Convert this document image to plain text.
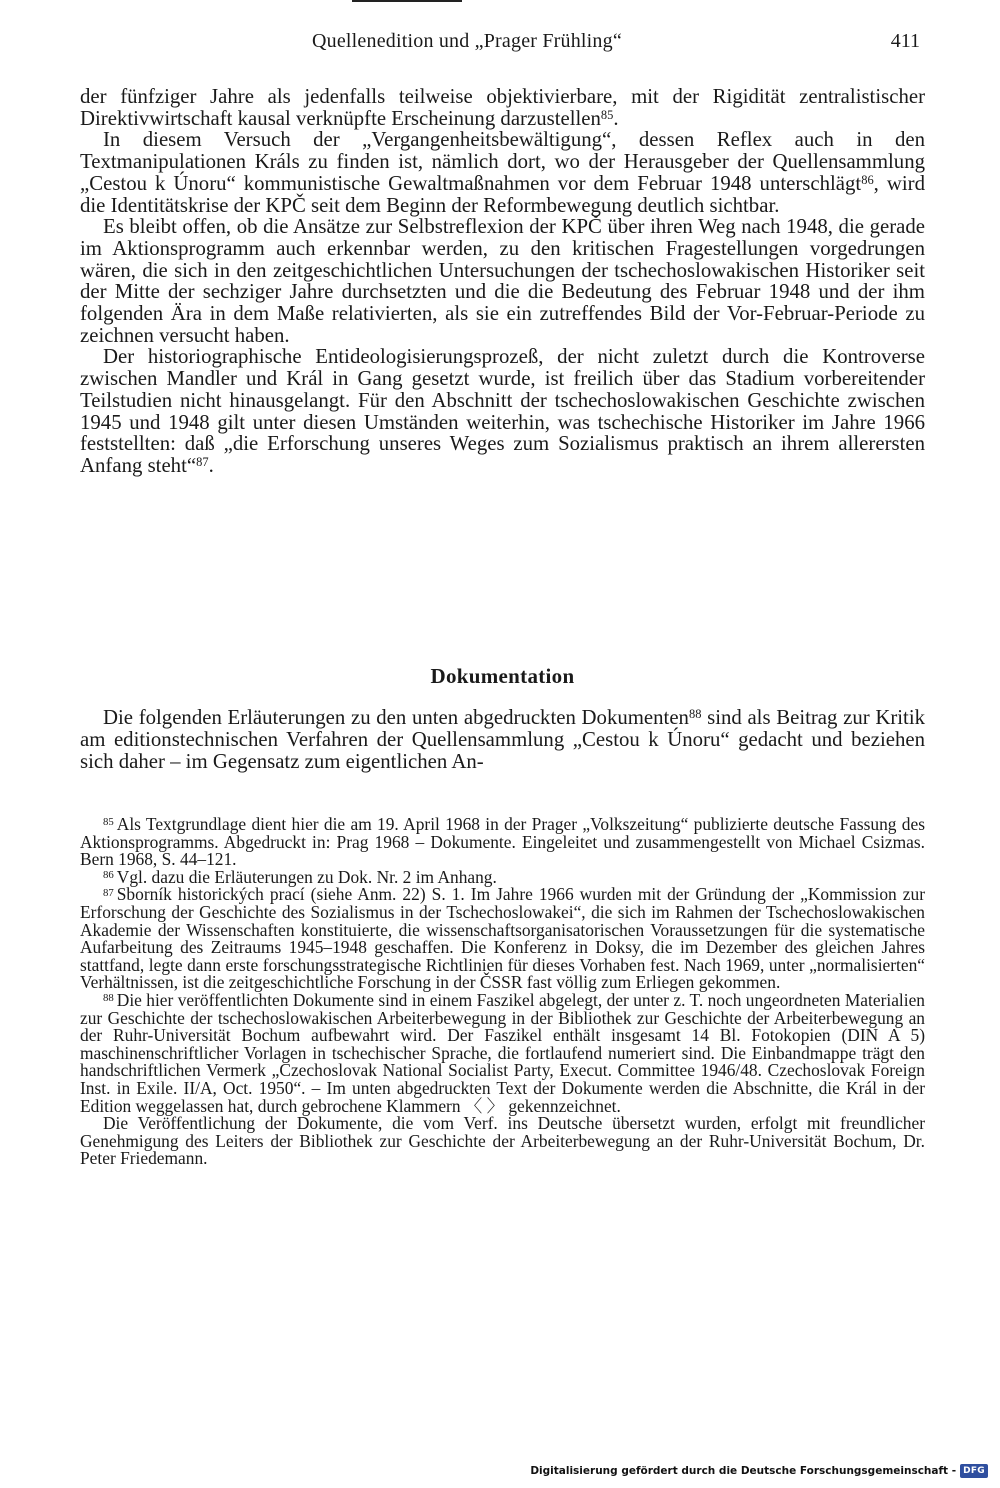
Quellenedition und „Prager Frühling“	411

der fünfziger Jahre als jedenfalls teilweise objektivierbare, mit der Rigidität zentralistischer Direktivwirtschaft kausal verknüpfte Erscheinung darzustellen$^{85}$.

In diesem Versuch der „Vergangenheitsbewältigung“, dessen Reflex auch in den Textmanipulationen Králs zu finden ist, nämlich dort, wo der Herausgeber der Quellensammlung „Cestou k Únoru“ kommunistische Gewaltmaßnahmen vor dem Februar 1948 unterschlägt$^{86}$, wird die Identitätskrise der KPČ seit dem Beginn der Reformbewegung deutlich sichtbar.

Es bleibt offen, ob die Ansätze zur Selbstreflexion der KPČ über ihren Weg nach 1948, die gerade im Aktionsprogramm auch erkennbar werden, zu den kritischen Fragestellungen vorgedrungen wären, die sich in den zeitgeschichtlichen Untersuchungen der tschechoslowakischen Historiker seit der Mitte der sechziger Jahre durchsetzten und die die Bedeutung des Februar 1948 und der ihm folgenden Ära in dem Maße relativierten, als sie ein zutreffendes Bild der Vor-Februar-Periode zu zeichnen versucht haben.

Der historiographische Entideologisierungsprozeß, der nicht zuletzt durch die Kontroverse zwischen Mandler und Král in Gang gesetzt wurde, ist freilich über das Stadium vorbereitender Teilstudien nicht hinausgelangt. Für den Abschnitt der tschechoslowakischen Geschichte zwischen 1945 und 1948 gilt unter diesen Umständen weiterhin, was tschechische Historiker im Jahre 1966 feststellten: daß „die Erforschung unseres Weges zum Sozialismus praktisch an ihrem allerersten Anfang steht“$^{87}$.

Dokumentation

Die folgenden Erläuterungen zu den unten abgedruckten Dokumenten$^{88}$ sind als Beitrag zur Kritik am editionstechnischen Verfahren der Quellensammlung „Cestou k Únoru“ gedacht und beziehen sich daher – im Gegensatz zum eigentlichen An-

$^{85}$ Als Textgrundlage dient hier die am 19. April 1968 in der Prager „Volkszeitung“ publizierte deutsche Fassung des Aktionsprogramms. Abgedruckt in: Prag 1968 – Dokumente. Eingeleitet und zusammengestellt von Michael Csizmas. Bern 1968, S. 44–121.

$^{86}$ Vgl. dazu die Erläuterungen zu Dok. Nr. 2 im Anhang.

$^{87}$ Sborník historických prací (siehe Anm. 22) S. 1. Im Jahre 1966 wurden mit der Gründung der „Kommission zur Erforschung der Geschichte des Sozialismus in der Tschechoslowakei“, die sich im Rahmen der Tschechoslowakischen Akademie der Wissenschaften konstituierte, die wissenschaftsorganisatorischen Voraussetzungen für die systematische Aufarbeitung des Zeitraums 1945–1948 geschaffen. Die Konferenz in Doksy, die im Dezember des gleichen Jahres stattfand, legte dann erste forschungsstrategische Richtlinien für dieses Vorhaben fest. Nach 1969, unter „normalisierten“ Verhältnissen, ist die zeitgeschichtliche Forschung in der ČSSR fast völlig zum Erliegen gekommen.

$^{88}$ Die hier veröffentlichten Dokumente sind in einem Faszikel abgelegt, der unter z. T. noch ungeordneten Materialien zur Geschichte der tschechoslowakischen Arbeiterbewegung in der Bibliothek zur Geschichte der Arbeiterbewegung an der Ruhr-Universität Bochum aufbewahrt wird. Der Faszikel enthält insgesamt 14 Bl. Fotokopien (DIN A 5) maschinenschriftlicher Vorlagen in tschechischer Sprache, die fortlaufend numeriert sind. Die Einbandmappe trägt den handschriftlichen Vermerk „Czechoslovak National Socialist Party, Execut. Committee 1946/48. Czechoslovak Foreign Inst. in Exile. II/A, Oct. 1950“. – Im unten abgedruckten Text der Dokumente werden die Abschnitte, die Král in der Edition weggelassen hat, durch gebrochene Klammern 〈 〉 gekennzeichnet.

Die Veröffentlichung der Dokumente, die vom Verf. ins Deutsche übersetzt wurden, erfolgt mit freundlicher Genehmigung des Leiters der Bibliothek zur Geschichte der Arbeiterbewegung an der Ruhr-Universität Bochum, Dr. Peter Friedemann.

Digitalisierung gefördert durch die Deutsche Forschungsgemeinschaft - DFG
